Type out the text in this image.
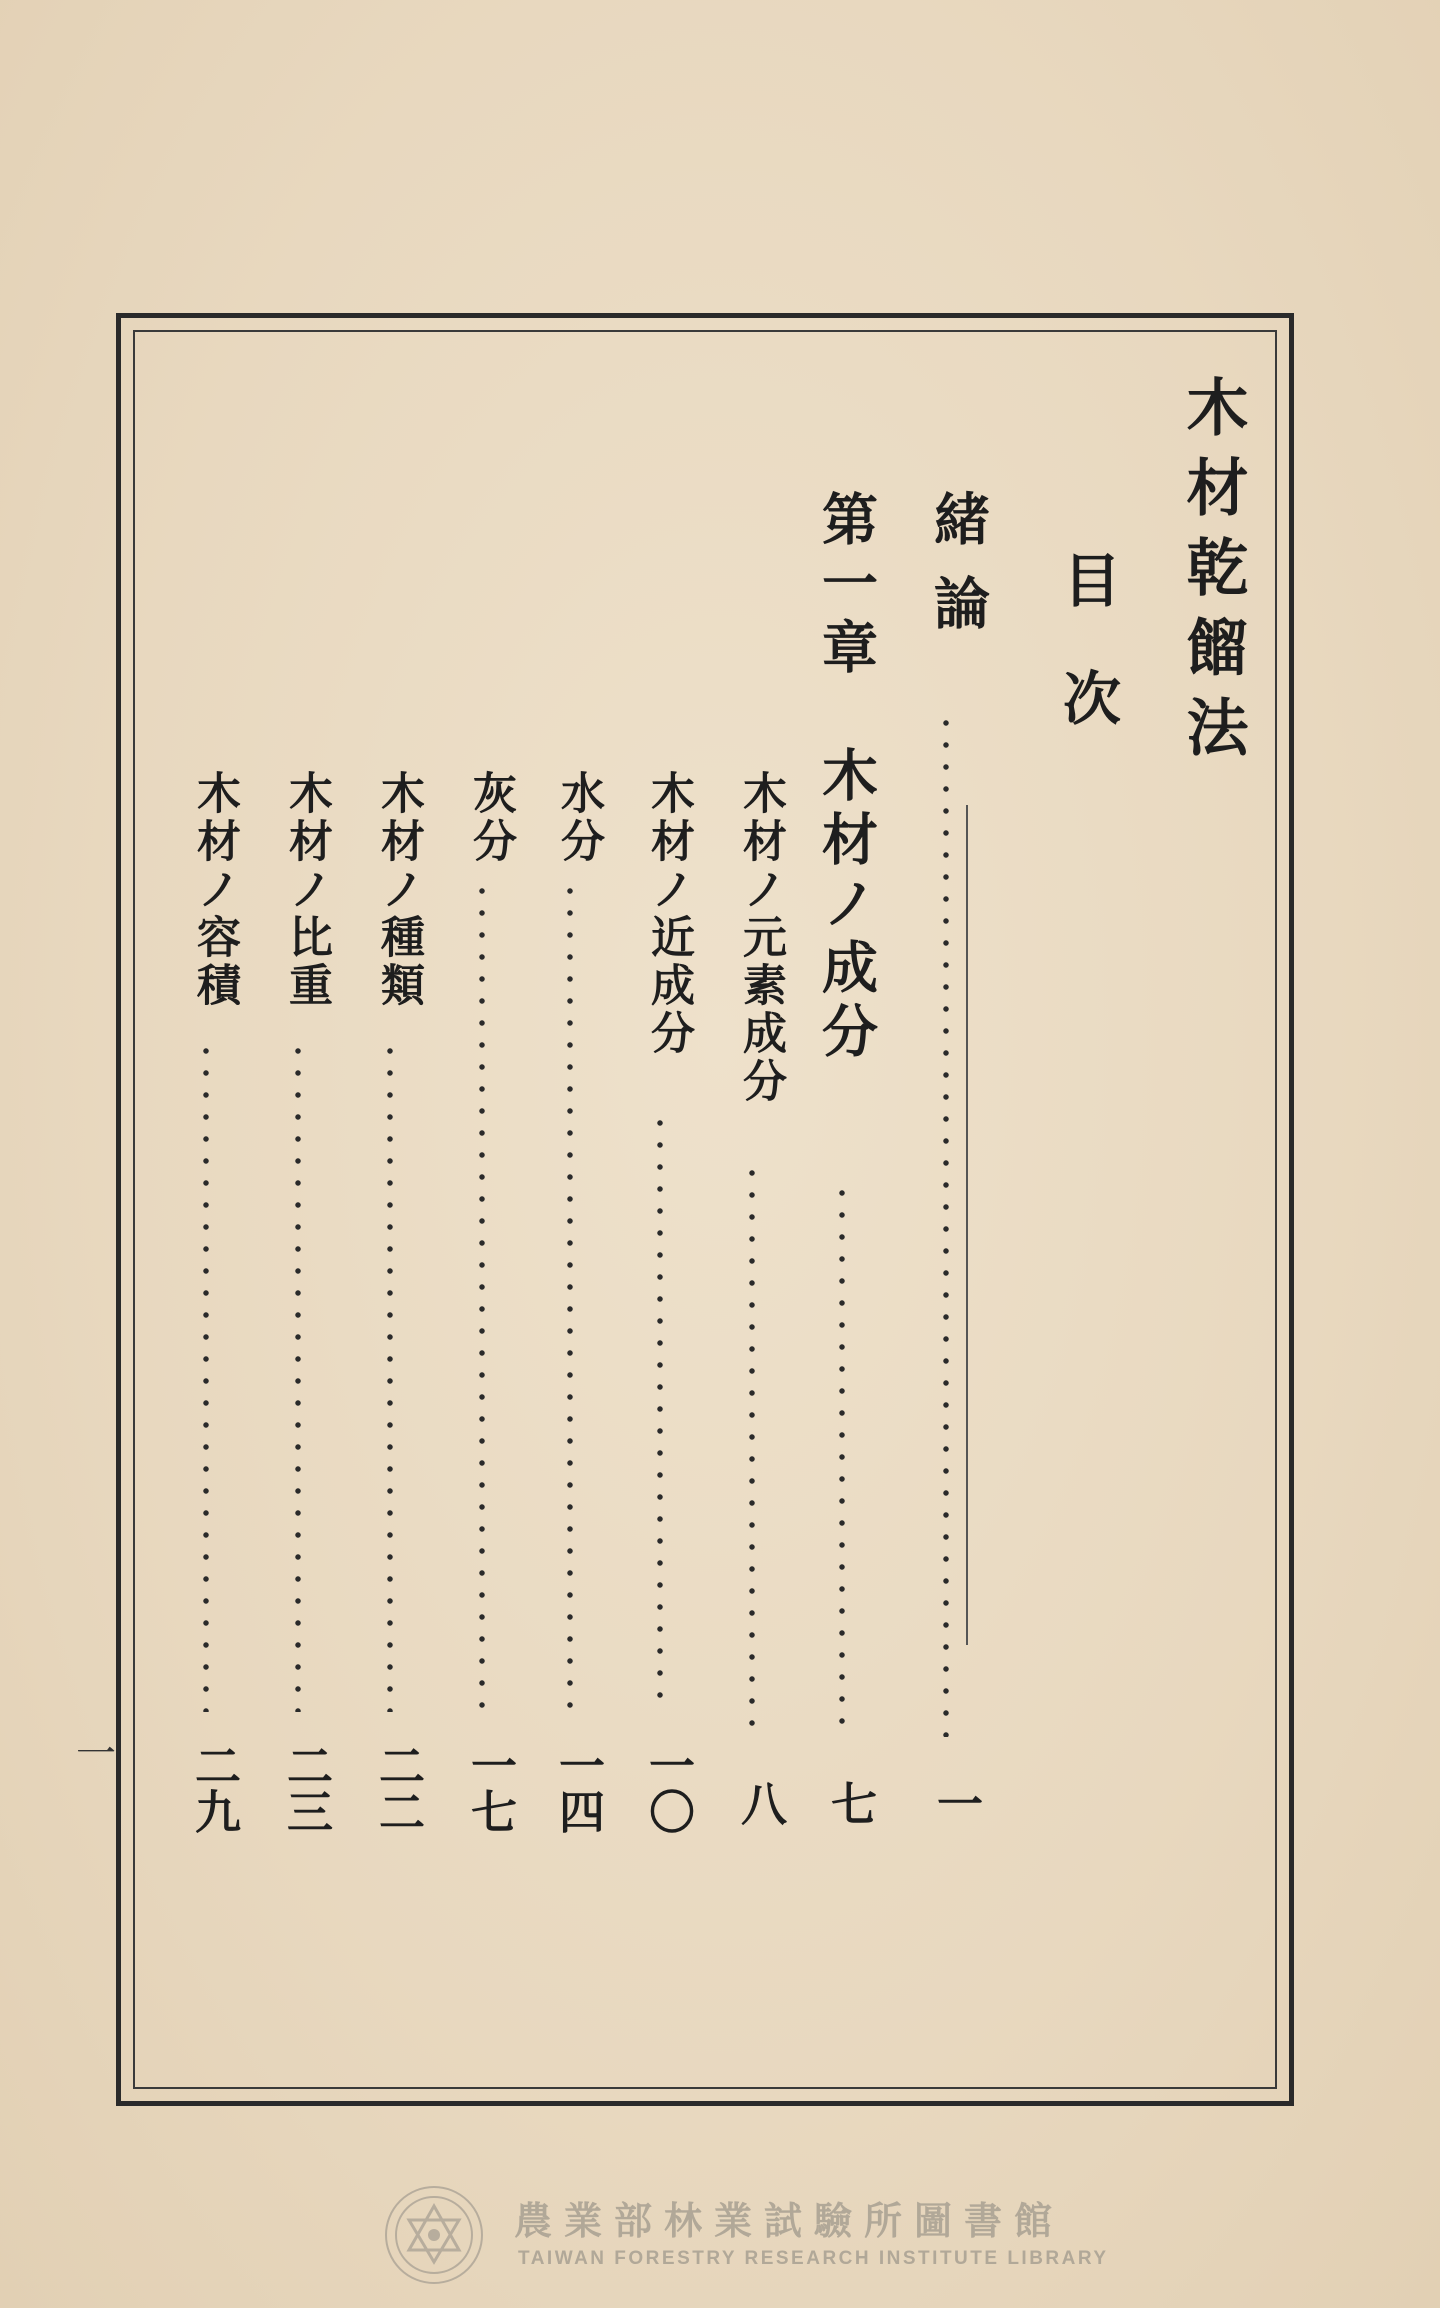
木材乾餾法
目次
緒論
一
第一章　木材ノ成分
七
木材ノ元素成分
八
木材ノ近成分
一〇
水分
一四
灰分
一七
木材ノ種類
二二
木材ノ比重
二三
木材ノ容積
二九
一
農業部林業試驗所圖書館
TAIWAN FORESTRY RESEARCH INSTITUTE LIBRARY
